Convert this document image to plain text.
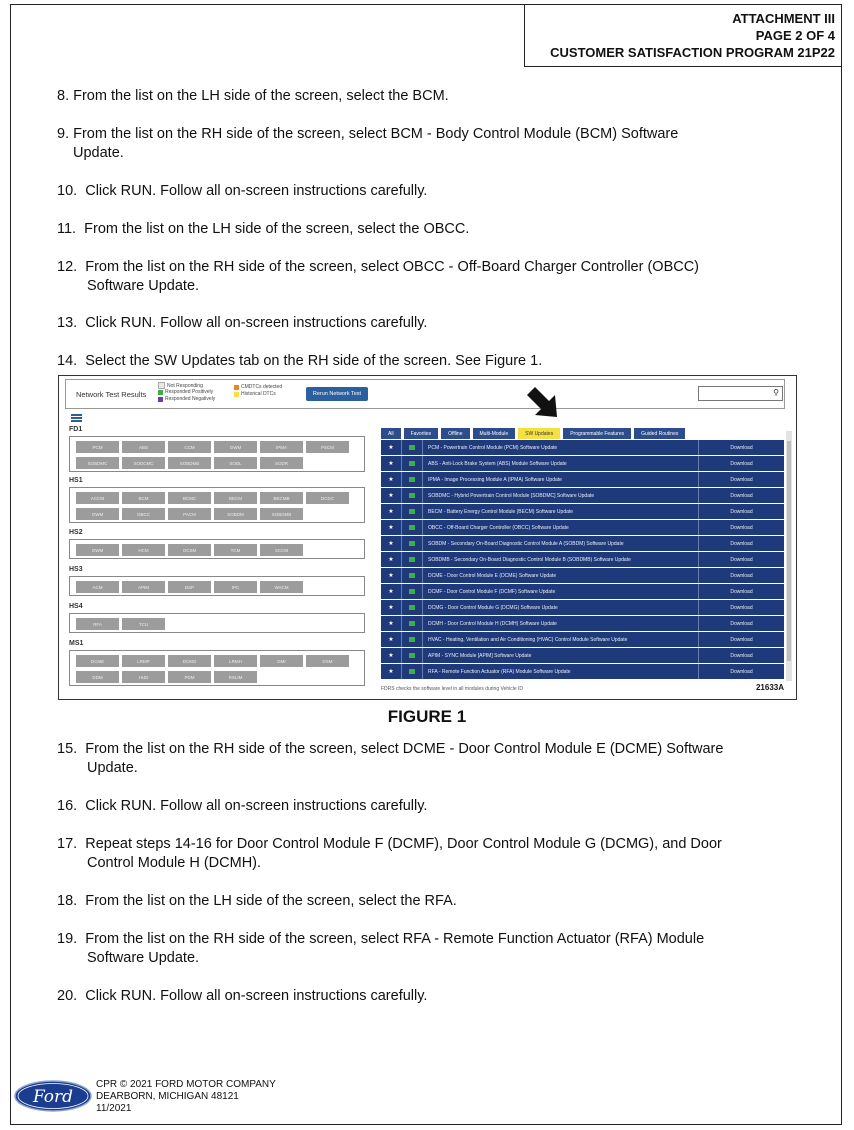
ATTACHMENT III
PAGE 2 OF 4
CUSTOMER SATISFACTION PROGRAM 21P22
8. From the list on the LH side of the screen, select the BCM.
9. From the list on the RH side of the screen, select BCM - Body Control Module (BCM) Software
Update.
10. Click RUN. Follow all on-screen instructions carefully.
11. From the list on the LH side of the screen, select the OBCC.
12. From the list on the RH side of the screen, select OBCC - Off-Board Charger Controller (OBCC)
Software Update.
13. Click RUN. Follow all on-screen instructions carefully.
14. Select the SW Updates tab on the RH side of the screen. See Figure 1.
Network Test Results
Not Responding
Responded Positively
Responded Negatively
CMDTCs detected
Historical DTCs	Rerun Network Test	⚲
FD1
PCM	ABS	CCM	GWM	IPMA	PSCM
SOBDMC	SODCMC	SOBDMB	SODL	SODR
HS1
ACCM	BCM	BCMC	BECM	BECMB	DCDC
GWM	OBCC	PACM	SOBDM	SOBDMB
HS2
GWM	HCM	OCSM	TCM	SCCM
HS3
ACM	APIM	DSP	IPC	WACM
HS4
RFA	TCU
MS1
DCME	LRMP	DCMG	LRMH	DMI	DSM
DDM	HUD	PDM	RSLIM
All	Favorites	Offline	Multi-Module	SW Updates	Programmable Features	Guided Routines
★	PCM - Powertrain Control Module (PCM) Software Update	Download
★	ABS - Anti-Lock Brake System (ABS) Module Software Update	Download
★	IPMA - Image Processing Module A (IPMA) Software Update	Download
★	SOBDMC - Hybrid Powertrain Control Module [SOBDMC] Software Update	Download
★	BECM - Battery Energy Control Module (BECM) Software Update	Download
★	OBCC - Off-Board Charger Controller (OBCC) Software Update	Download
★	SOBDM - Secondary On-Board Diagnostic Control Module A (SOBDM) Software Update	Download
★	SOBDMB - Secondary On-Board Diagnostic Control Module B (SOBDMB) Software Update	Download
★	DCME - Door Control Module E (DCME) Software Update	Download
★	DCMF - Door Control Module F (DCMF) Software Update	Download
★	DCMG - Door Control Module G (DCMG) Software Update	Download
★	DCMH - Door Control Module H (DCMH) Software Update	Download
★	HVAC - Heating, Ventilation and Air Conditioning (HVAC) Control Module Software Update	Download
★	APIM - SYNC Module [APIM] Software Update	Download
★	RFA - Remote Function Actuator (RFA) Module Software Update	Download
FDRS checks the software level in all modules during Vehicle ID	21633A
FIGURE 1
15. From the list on the RH side of the screen, select DCME - Door Control Module E (DCME) Software
Update.
16. Click RUN. Follow all on-screen instructions carefully.
17. Repeat steps 14-16 for Door Control Module F (DCMF), Door Control Module G (DCMG), and Door
Control Module H (DCMH).
18. From the list on the LH side of the screen, select the RFA.
19. From the list on the RH side of the screen, select RFA - Remote Function Actuator (RFA) Module
Software Update.
20. Click RUN. Follow all on-screen instructions carefully.
Ford
CPR © 2021 FORD MOTOR COMPANY
DEARBORN, MICHIGAN 48121
11/2021
